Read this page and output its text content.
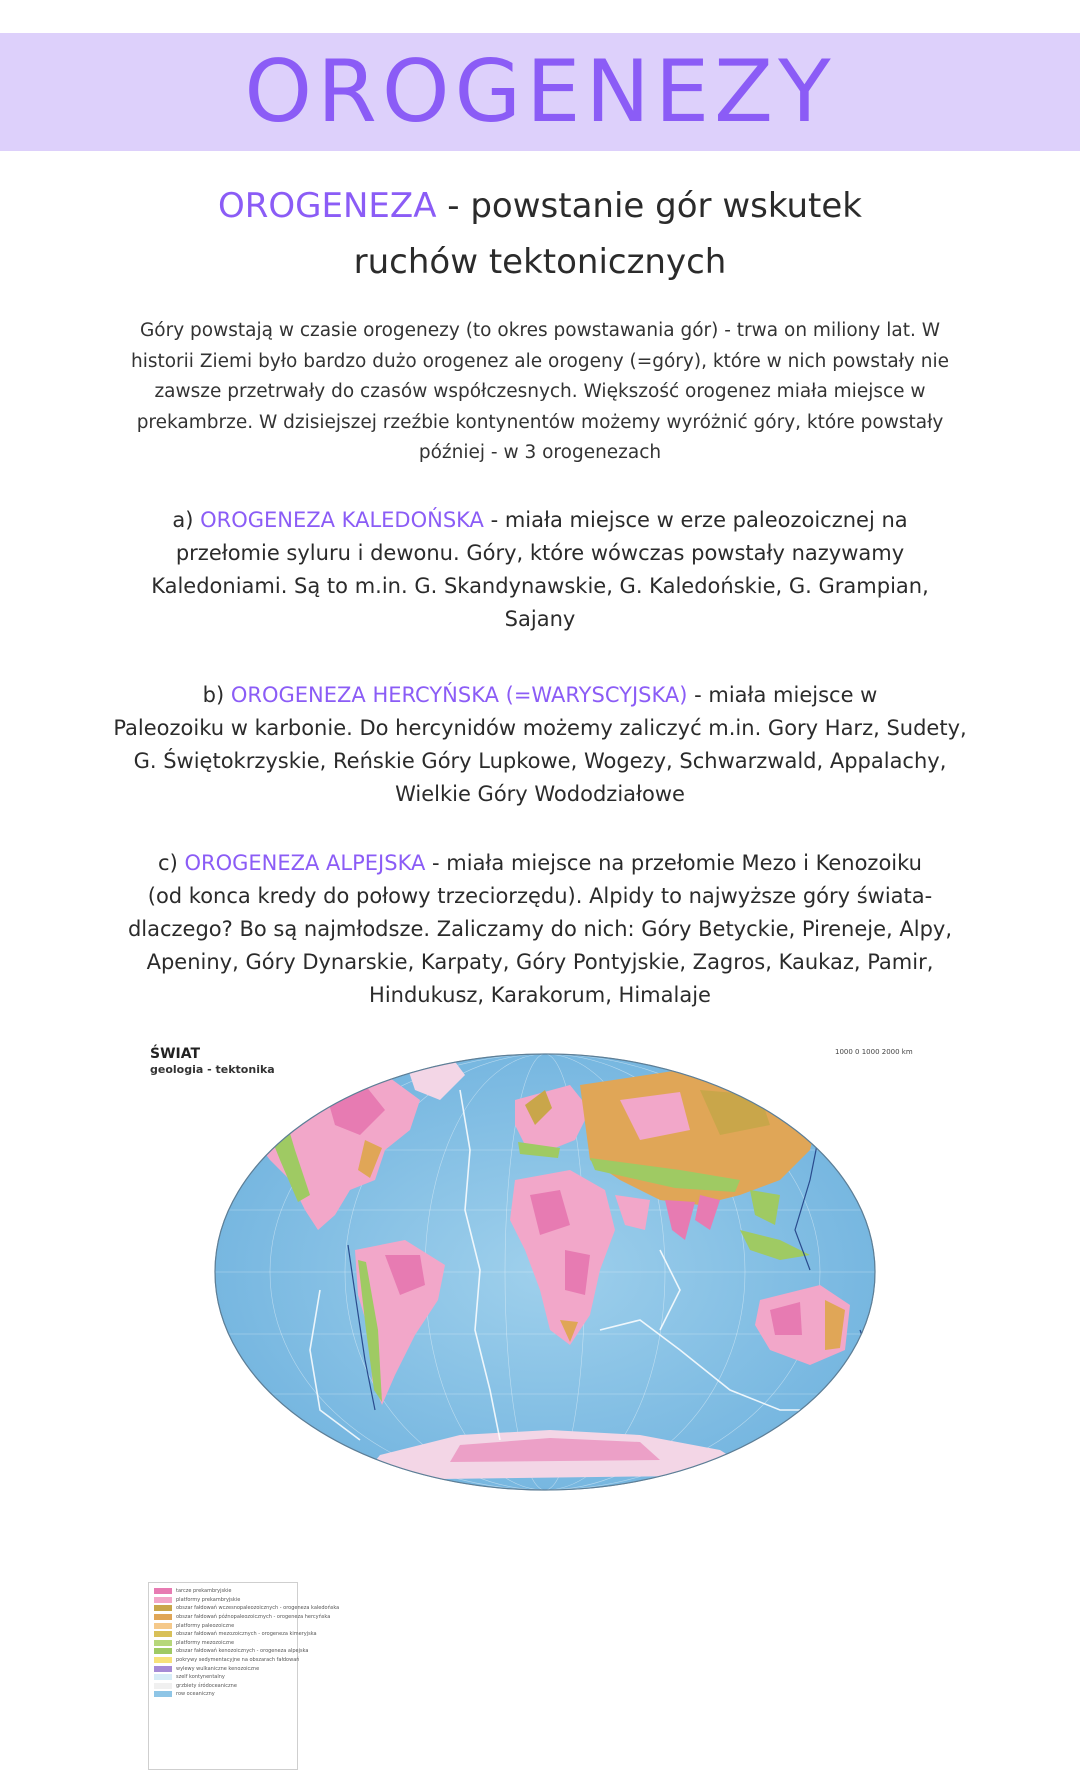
OROGENEZY
OROGENEZA - powstanie gór wskutek
ruchów tektonicznych
Góry powstają w czasie orogenezy (to okres powstawania gór) - trwa on miliony lat. W
historii Ziemi było bardzo dużo orogenez ale orogeny (=góry), które w nich powstały nie
zawsze przetrwały do czasów współczesnych. Większość orogenez miała miejsce w
prekambrze. W dzisiejszej rzeźbie kontynentów możemy wyróżnić góry, które powstały
później - w 3 orogenezach
a) OROGENEZA KALEDOŃSKA - miała miejsce w erze paleozoicznej na
przełomie syluru i dewonu. Góry, które wówczas powstały nazywamy
Kaledoniami. Są to m.in. G. Skandynawskie, G. Kaledońskie, G. Grampian,
Sajany
b) OROGENEZA HERCYŃSKA (=WARYSCYJSKA) - miała miejsce w
Paleozoiku w karbonie. Do hercynidów możemy zaliczyć m.in. Gory Harz, Sudety,
G. Świętokrzyskie, Reńskie Góry Lupkowe, Wogezy, Schwarzwald, Appalachy,
Wielkie Góry Wododziałowe
c) OROGENEZA ALPEJSKA - miała miejsce na przełomie Mezo i Kenozoiku
(od konca kredy do połowy trzeciorzędu). Alpidy to najwyższe góry świata-
dlaczego? Bo są najmłodsze. Zaliczamy do nich: Góry Betyckie, Pireneje, Alpy,
Apeniny, Góry Dynarskie, Karpaty, Góry Pontyjskie, Zagros, Kaukaz, Pamir,
Hindukusz, Karakorum, Himalaje
ŚWIAT
geologia - tektonika
1000 0 1000 2000 km
tarcze prekambryjskie
platformy prekambryjskie
obszar fałdowań wczesnopaleozoicznych - orogeneza kaledońska
obszar fałdowań późnopaleozoicznych - orogeneza hercyńska
platformy paleozoiczne
obszar fałdowań mezozoicznych - orogeneza kimeryjska
platformy mezozoiczne
obszar fałdowań kenozoicznych - orogeneza alpejska
pokrywy sedymentacyjne na obszarach fałdowań
wylewy wulkaniczne kenozoiczne
szelf kontynentalny
grzbiety śródoceaniczne
row oceaniczny
